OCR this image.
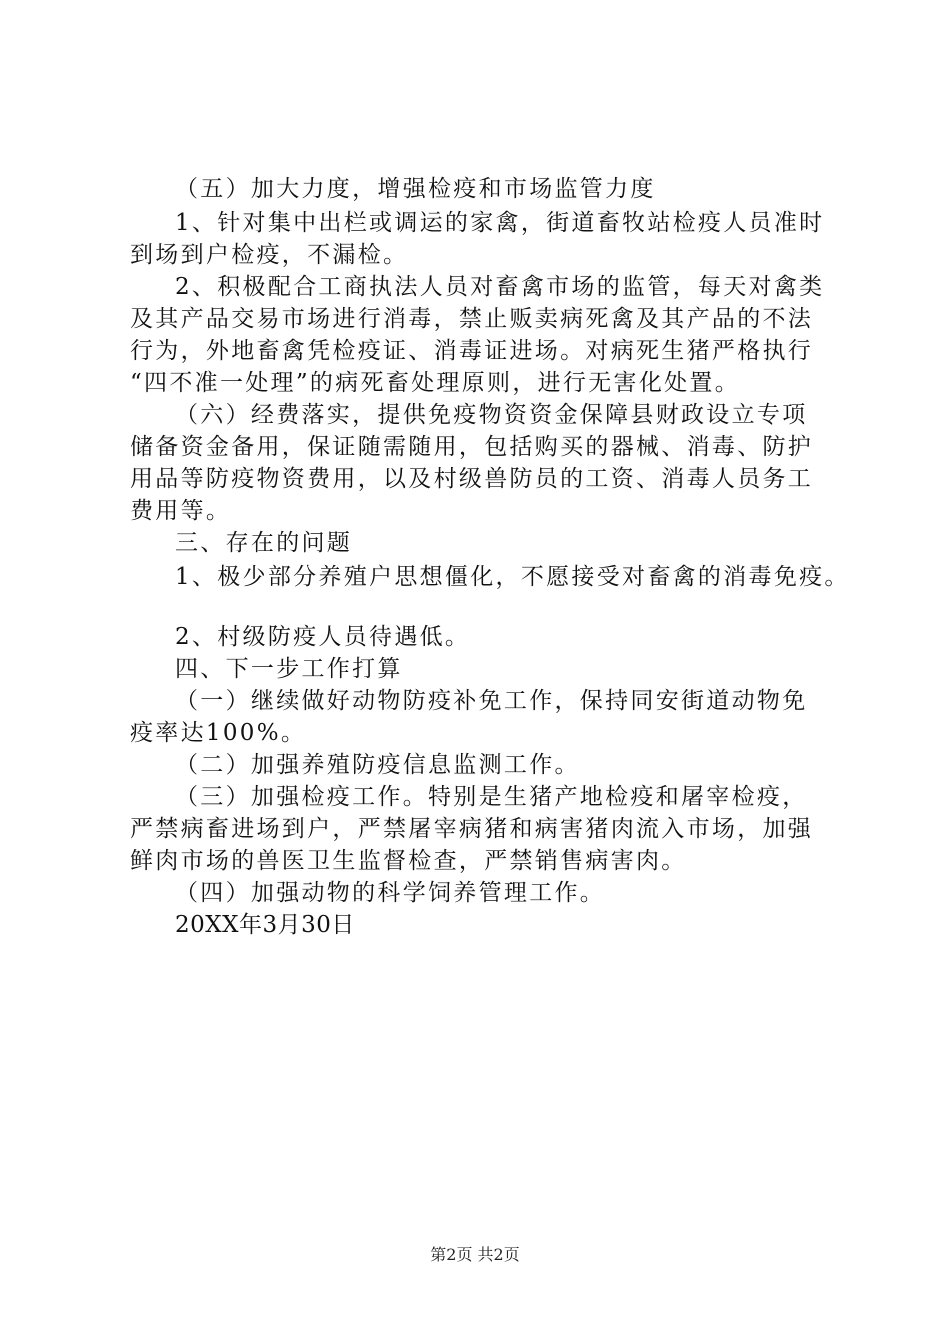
（五）加大力度，增强检疫和市场监管力度
1、针对集中出栏或调运的家禽，街道畜牧站检疫人员准时
到场到户检疫，不漏检。
2、积极配合工商执法人员对畜禽市场的监管，每天对禽类
及其产品交易市场进行消毒，禁止贩卖病死禽及其产品的不法
行为，外地畜禽凭检疫证、消毒证进场。对病死生猪严格执行
“四不准一处理”的病死畜处理原则，进行无害化处置。
（六）经费落实，提供免疫物资资金保障县财政设立专项
储备资金备用，保证随需随用，包括购买的器械、消毒、防护
用品等防疫物资费用，以及村级兽防员的工资、消毒人员务工
费用等。
三、存在的问题
1、极少部分养殖户思想僵化，不愿接受对畜禽的消毒免疫。
2、村级防疫人员待遇低。
四、下一步工作打算
（一）继续做好动物防疫补免工作，保持同安街道动物免
疫率达100%。
（二）加强养殖防疫信息监测工作。
（三）加强检疫工作。特别是生猪产地检疫和屠宰检疫，
严禁病畜进场到户，严禁屠宰病猪和病害猪肉流入市场，加强
鲜肉市场的兽医卫生监督检查，严禁销售病害肉。
（四）加强动物的科学饲养管理工作。
20XX年3月30日
第2页 共2页
